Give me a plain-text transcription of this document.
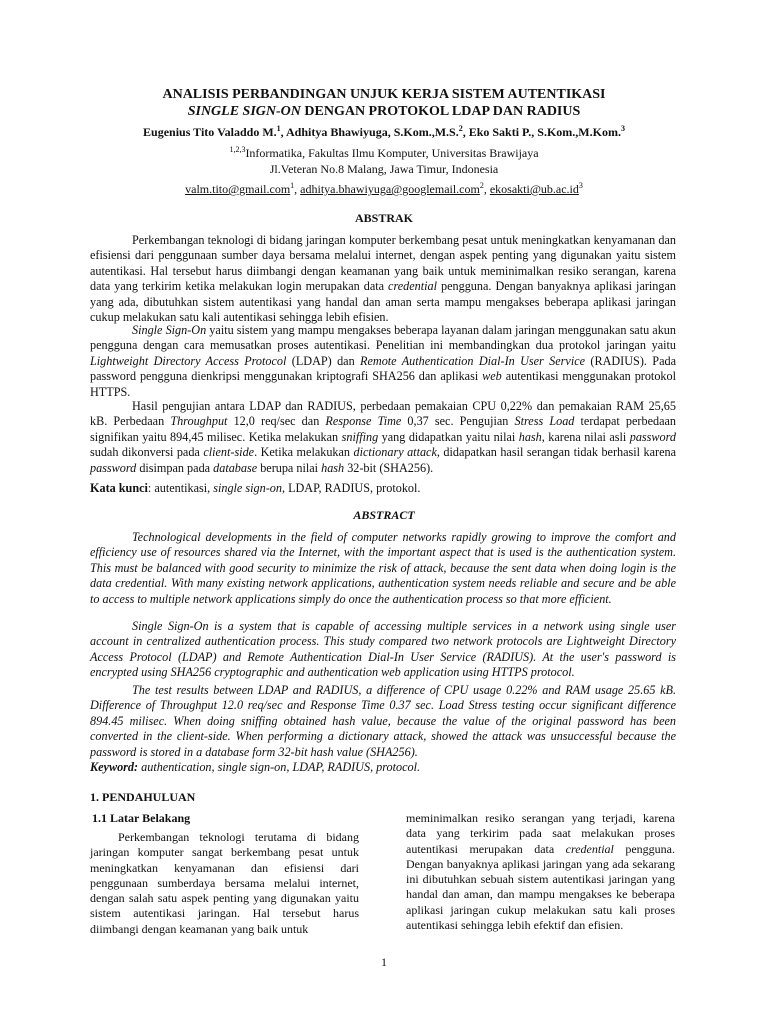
ANALISIS PERBANDINGAN UNJUK KERJA SISTEM AUTENTIKASI
SINGLE SIGN-ON DENGAN PROTOKOL LDAP DAN RADIUS
Eugenius Tito Valaddo M.$^1$, Adhitya Bhawiyuga, S.Kom.,M.S.$^2$, Eko Sakti P., S.Kom.,M.Kom.$^3$
$^{1,2,3}$Informatika, Fakultas Ilmu Komputer, Universitas Brawijaya
Jl.Veteran No.8 Malang, Jawa Timur, Indonesia
valm.tito@gmail.com$^1$, adhitya.bhawiyuga@googlemail.com$^2$, $ekosakti@ub.ac.id^3$
ABSTRAK

Perkembangan teknologi di bidang jaringan komputer berkembang pesat untuk meningkatkan kenyamanan dan efisiensi dari penggunaan sumber daya bersama melalui internet, dengan aspek penting yang digunakan yaitu sistem autentikasi. Hal tersebut harus diimbangi dengan keamanan yang baik untuk meminimalkan resiko serangan, karena data yang terkirim ketika melakukan login merupakan data credential pengguna. Dengan banyaknya aplikasi jaringan yang ada, dibutuhkan sistem autentikasi yang handal dan aman serta mampu mengakses beberapa aplikasi jaringan cukup melakukan satu kali autentikasi sehingga lebih efisien.

Single Sign-On yaitu sistem yang mampu mengakses beberapa layanan dalam jaringan menggunakan satu akun pengguna dengan cara memusatkan proses autentikasi. Penelitian ini membandingkan dua protokol jaringan yaitu Lightweight Directory Access Protocol (LDAP) dan Remote Authentication Dial-In User Service (RADIUS). Pada password pengguna dienkripsi menggunakan kriptografi SHA256 dan aplikasi web autentikasi menggunakan protokol HTTPS.

Hasil pengujian antara LDAP dan RADIUS, perbedaan pemakaian CPU 0,22% dan pemakaian RAM 25,65 kB. Perbedaan Throughput 12,0 req/sec dan Response Time 0,37 sec. Pengujian Stress Load terdapat perbedaan signifikan yaitu 894,45 milisec. Ketika melakukan sniffing yang didapatkan yaitu nilai hash, karena nilai asli password sudah dikonversi pada client-side. Ketika melakukan dictionary attack, didapatkan hasil serangan tidak berhasil karena password disimpan pada database berupa nilai hash 32-bit (SHA256).

Kata kunci: autentikasi, single sign-on, LDAP, RADIUS, protokol.

ABSTRACT

Technological developments in the field of computer networks rapidly growing to improve the comfort and efficiency use of resources shared via the Internet, with the important aspect that is used is the authentication system. This must be balanced with good security to minimize the risk of attack, because the sent data when doing login is the data credential. With many existing network applications, authentication system needs reliable and secure and be able to access to multiple network applications simply do once the authentication process so that more efficient.

Single Sign-On is a system that is capable of accessing multiple services in a network using single user account in centralized authentication process. This study compared two network protocols are Lightweight Directory Access Protocol (LDAP) and Remote Authentication Dial-In User Service (RADIUS). At the user's password is encrypted using SHA256 cryptographic and authentication web application using HTTPS protocol.

The test results between LDAP and RADIUS, a difference of CPU usage 0.22% and RAM usage 25.65 kB. Difference of Throughput 12.0 req/sec and Response Time 0.37 sec. Load Stress testing occur significant difference 894.45 milisec. When doing sniffing obtained hash value, because the value of the original password has been converted in the client-side. When performing a dictionary attack, showed the attack was unsuccessful because the password is stored in a database form 32-bit hash value (SHA256).

Keyword: authentication, single sign-on, LDAP, RADIUS, protocol.

1. PENDAHULUAN
1.1 Latar Belakang

Perkembangan teknologi terutama di bidang jaringan komputer sangat berkembang pesat untuk meningkatkan kenyamanan dan efisiensi dari penggunaan sumberdaya bersama melalui internet, dengan salah satu aspek penting yang digunakan yaitu sistem autentikasi jaringan. Hal tersebut harus diimbangi dengan keamanan yang baik untuk

meminimalkan resiko serangan yang terjadi, karena data yang terkirim pada saat melakukan proses autentikasi merupakan data credential pengguna. Dengan banyaknya aplikasi jaringan yang ada sekarang ini dibutuhkan sebuah sistem autentikasi jaringan yang handal dan aman, dan mampu mengakses ke beberapa aplikasi jaringan cukup melakukan satu kali proses autentikasi sehingga lebih efektif dan efisien.

1
